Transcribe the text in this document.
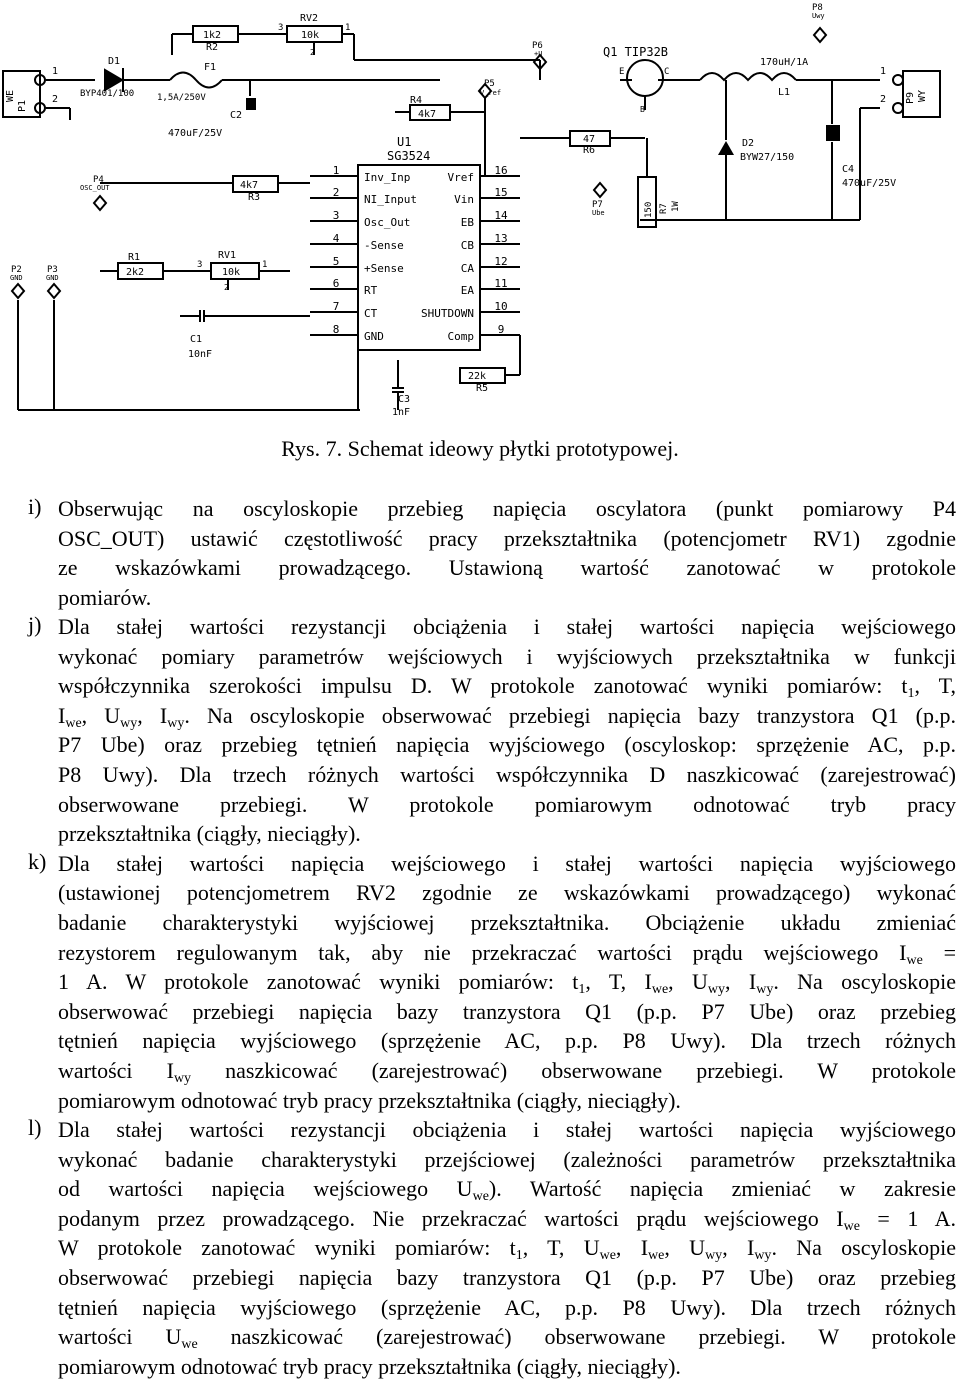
P1
WE	P9 WY
1
2
1
2
D1
BYP401/100
F1
1,5A/250V
C2
470uF/25V
1k2
R2
RV2
10k
3	1
2
P6
+U
P5
V_ref
R4
4k7
U1
SG3524
1
Inv_Inp
2
NI_Input
3
Osc_Out
4
-Sense
5
+Sense
6
RT
7
CT
8
GND
16
Vref
15
Vin
14
EB
13
CB
12
CA
11
EA
10
SHUTDOWN
9
Comp
P4
OSC_OUT	4k7
R3
R1
2k2
RV1
10k
3	1
2
P2
GND
P3
GND
C1
10nF
C3
1nF
22k
R5
47
R6
P7
Ube	150 R7 1W
Q1 TIP32B
E	C
B
170uH/1A
L1
D2
BYW27/150
C4
470uF/25V
P8
Uwy
Rys. 7. Schemat ideowy płytki prototypowej.
i) Obserwując na oscyloskopie przebieg napięcia oscylatora (punkt pomiarowy P4
OSC_OUT) ustawić częstotliwość pracy przekształtnika (potencjometr RV1) zgodnie
ze wskazówkami prowadzącego. Ustawioną wartość zanotować w protokole
pomiarów.
j) Dla stałej wartości rezystancji obciążenia i stałej wartości napięcia wejściowego
wykonać pomiary parametrów wejściowych i wyjściowych przekształtnika w funkcji
współczynnika szerokości impulsu D. W protokole zanotować wyniki pomiarów: $t_1$, T,
$I_{we}$, $U_{wy}$, $I_{wy}$. Na oscyloskopie obserwować przebiegi napięcia bazy tranzystora Q1 (p.p.
P7 Ube) oraz przebieg tętnień napięcia wyjściowego (oscyloskop: sprzężenie AC, p.p.
P8 Uwy). Dla trzech różnych wartości współczynnika D naszkicować (zarejestrować)
obserwowane przebiegi. W protokole pomiarowym odnotować tryb pracy
przekształtnika (ciągły, nieciągły).
k) Dla stałej wartości napięcia wejściowego i stałej wartości napięcia wyjściowego
(ustawionej potencjometrem RV2 zgodnie ze wskazówkami prowadzącego) wykonać
badanie charakterystyki wyjściowej przekształtnika. Obciążenie układu zmieniać
rezystorem regulowanym tak, aby nie przekraczać wartości prądu wejściowego $I_{we}$ =
1 A. W protokole zanotować wyniki pomiarów: $t_1$, T, $I_{we}$, $U_{wy}$, $I_{wy}$. Na oscyloskopie
obserwować przebiegi napięcia bazy tranzystora Q1 (p.p. P7 Ube) oraz przebieg
tętnień napięcia wyjściowego (sprzężenie AC, p.p. P8 Uwy). Dla trzech różnych
wartości $I_{wy}$ naszkicować (zarejestrować) obserwowane przebiegi. W protokole
pomiarowym odnotować tryb pracy przekształtnika (ciągły, nieciągły).
l) Dla stałej wartości rezystancji obciążenia i stałej wartości napięcia wyjściowego
wykonać badanie charakterystyki przejściowej (zależności parametrów przekształtnika
od wartości napięcia wejściowego $U_{we}$). Wartość napięcia zmieniać w zakresie
podanym przez prowadzącego. Nie przekraczać wartości prądu wejściowego $I_{we} = 1$ A.
W protokole zanotować wyniki pomiarów: $t_1$, T, $U_{we}$, $I_{we}$, $U_{wy}$, $I_{wy}$. Na oscyloskopie
obserwować przebiegi napięcia bazy tranzystora Q1 (p.p. P7 Ube) oraz przebieg
tętnień napięcia wyjściowego (sprzężenie AC, p.p. P8 Uwy). Dla trzech różnych
wartości $U_{we}$ naszkicować (zarejestrować) obserwowane przebiegi. W protokole
pomiarowym odnotować tryb pracy przekształtnika (ciągły, nieciągły).
